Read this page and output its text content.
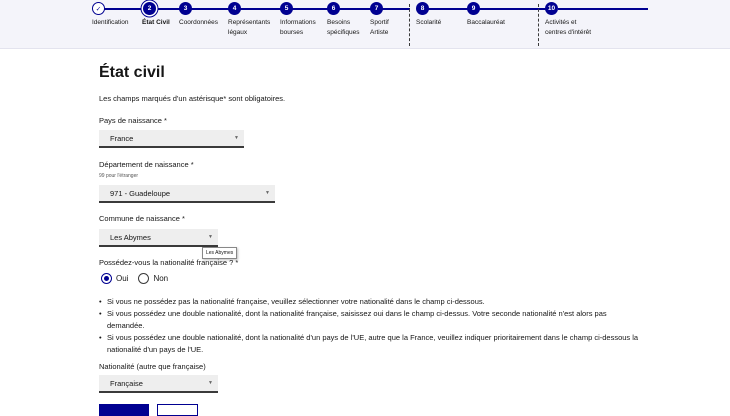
✓
Identification
2
État Civil
3
Coordonnées
4
Représentants
légaux
5
Informations
bourses
6
Besoins
spécifiques
7
Sportif
Artiste
8
Scolarité
9
Baccalauréat
10
Activités et
centres d'intérêt
État civil
Les champs marqués d'un astérisque* sont obligatoires.
Pays de naissance *
France	▼
Département de naissance *
99 pour l'étranger
971 - Guadeloupe	▼
Commune de naissance *
Les Abymes	▼
Les Abymes
Possédez-vous la nationalité française ? *
Oui	Non
• Si vous ne possédez pas la nationalité française, veuillez sélectionner votre nationalité dans le champ ci-dessous.
• Si vous possédez une double nationalité, dont la nationalité française, saisissez oui dans le champ ci-dessus. Votre seconde nationalité n'est alors pas demandée.
• Si vous possédez une double nationalité, dont la nationalité d'un pays de l'UE, autre que la France, veuillez indiquer prioritairement dans le champ ci-dessous la nationalité d'un pays de l'UE.
Nationalité (autre que française)
Française	▼
